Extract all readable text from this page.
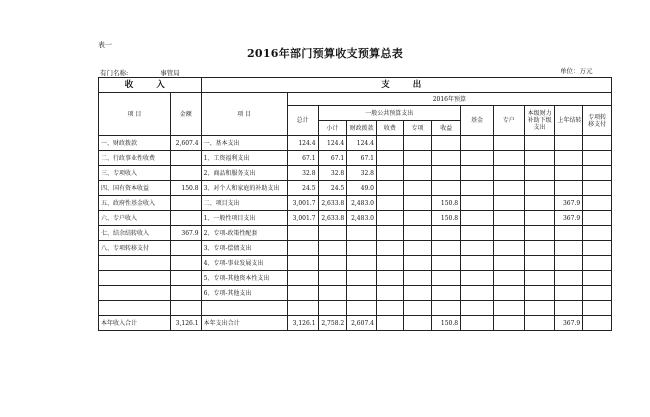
表一
2016年部门预算收支预算总表
有门名称:	事管局	单位：万元
收 入		支 出											
项 目	金额	项 目	2016年预算										
			总计	一般公共预算支出					基金	专户	本级财力补助下级支出	上年结转	专项转移支付
				小计	财政拨款	收费	专项	收益					
一、财政拨款	2,607.4	一、基本支出	124.4	124.4	124.4								
二、行政事业性收费		1、工资福利支出	67.1	67.1	67.1								
三、专项收入		2、商品和服务支出	32.8	32.8	32.8								
四、国有资本收益	150.8	3、对个人和家庭的补助支出	24.5	24.5	49.0								
五、政府性基金收入		二、项目支出	3,001.7	2,633.8	2,483.0			150.8				367.9	
六、专户收入		1、一般性项目支出	3,001.7	2,633.8	2,483.0			150.8				367.9	
七、结余结转收入	367.9	2、专项-政策性配套											
八、专项转移支付		3、专项-偿债支出											
		4、专项-事业发展支出											
		5、专项-其他资本性支出											
		6、专项-其他支出											

本年收入合计	3,126.1	本年支出合计	3,126.1	2,758.2	2,607.4			150.8				367.9	
